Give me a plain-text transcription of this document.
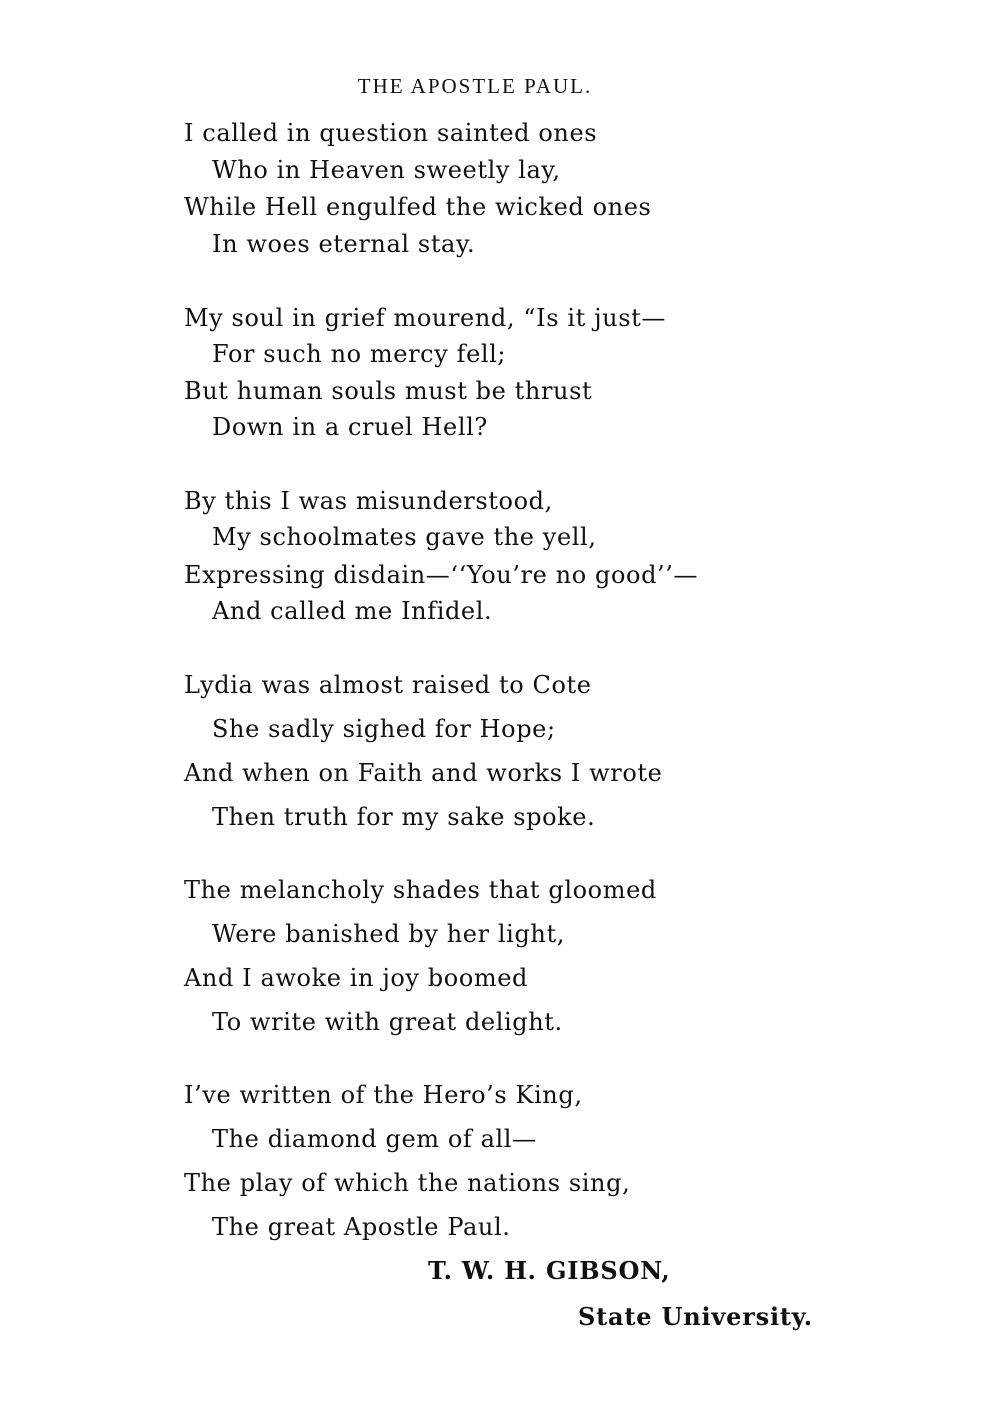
THE APOSTLE PAUL.
I called in question sainted ones
Who in Heaven sweetly lay,
While Hell engulfed the wicked ones
In woes eternal stay.
My soul in grief mourend, “Is it just—
For such no mercy fell;
But human souls must be thrust
Down in a cruel Hell?
By this I was misunderstood,
My schoolmates gave the yell,
Expressing disdain—‘‘You’re no good’’—
And called me Infidel.
Lydia was almost raised to Cote
She sadly sighed for Hope;
And when on Faith and works I wrote
Then truth for my sake spoke.
The melancholy shades that gloomed
Were banished by her light,
And I awoke in joy boomed
To write with great delight.
I’ve written of the Hero’s King,
The diamond gem of all—
The play of which the nations sing,
The great Apostle Paul.
T. W. H. GIBSON,
State University.
